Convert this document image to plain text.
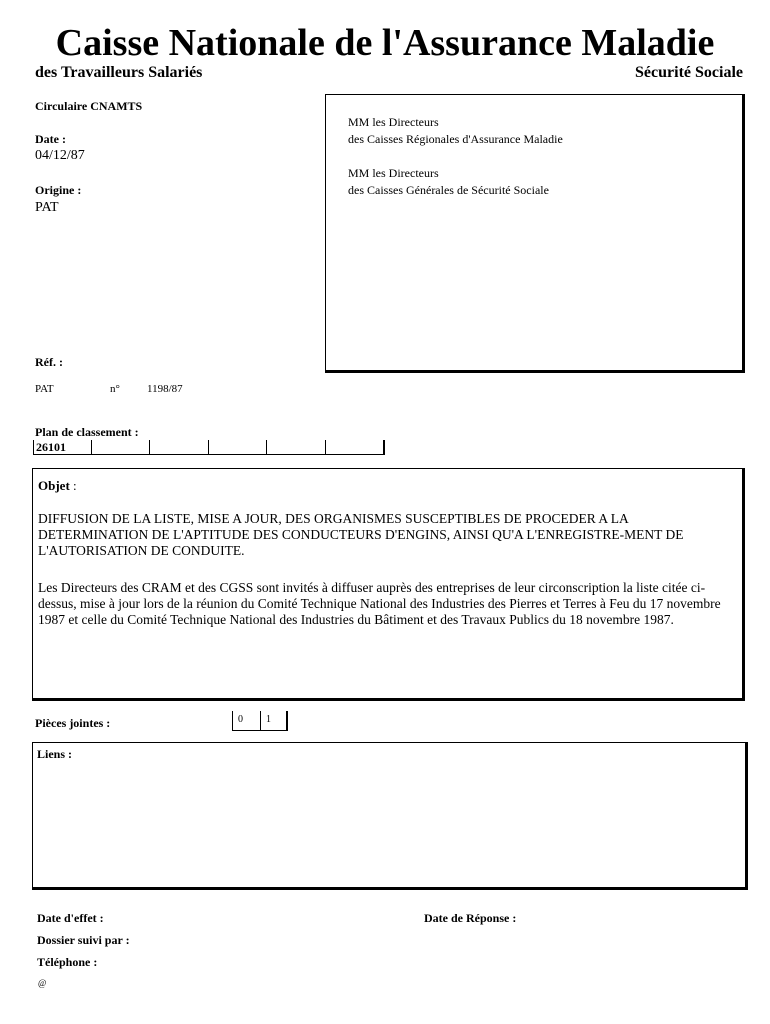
Caisse Nationale de l'Assurance Maladie
des Travailleurs Salariés	Sécurité Sociale
Circulaire CNAMTS
Date :
04/12/87
Origine :
PAT
MM les Directeurs
des Caisses Régionales d'Assurance Maladie
MM les Directeurs
des Caisses Générales de Sécurité Sociale
Réf. :
PAT	n° 1198/87
Plan de classement :
26101
Objet :
DIFFUSION DE LA LISTE, MISE A JOUR, DES ORGANISMES SUSCEPTIBLES DE PROCEDER A LA DETERMINATION DE L'APTITUDE DES CONDUCTEURS D'ENGINS, AINSI QU'A L'ENREGISTRE-MENT DE L'AUTORISATION DE CONDUITE.
Les Directeurs des CRAM et des CGSS sont invités à diffuser auprès des entreprises de leur circonscription la liste citée ci-dessus, mise à jour lors de la réunion du Comité Technique National des Industries des Pierres et Terres à Feu du 17 novembre 1987 et celle du Comité Technique National des Industries du Bâtiment et des Travaux Publics du 18 novembre 1987.
Pièces jointes :	0	1
Liens :
Date d'effet :	Date de Réponse :
Dossier suivi par :
Téléphone :
@
